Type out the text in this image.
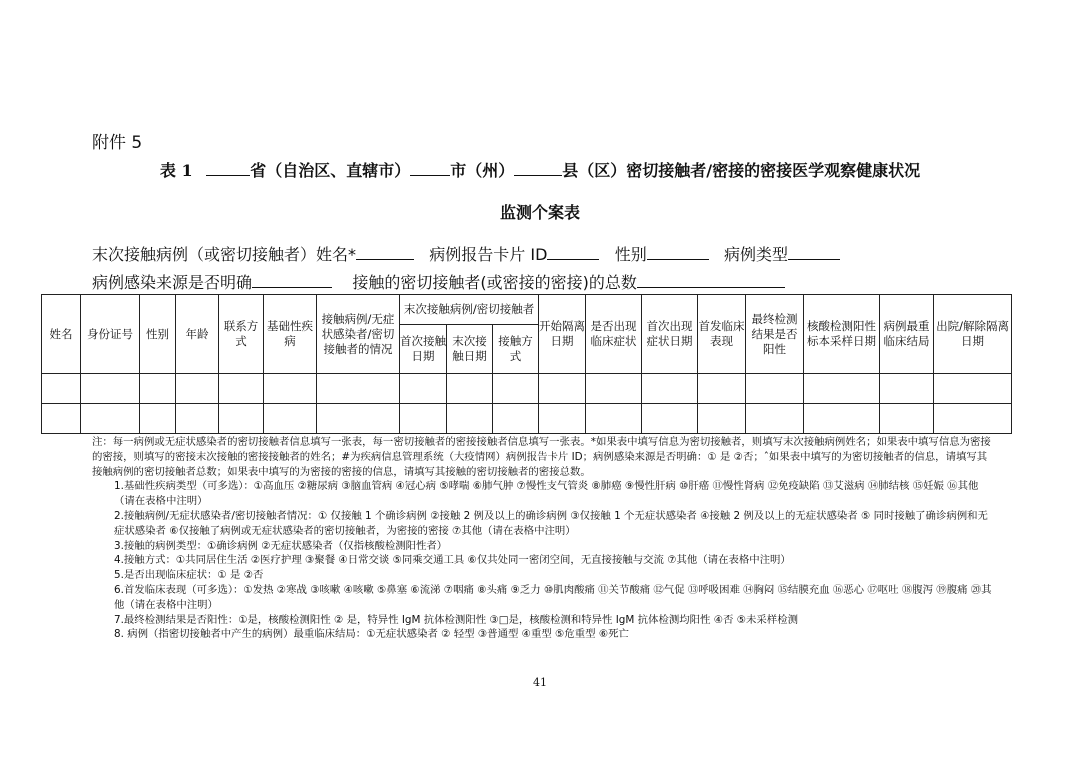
附件 5
表 1	省（自治区、直辖市）	市（州）	县（区）密切接触者/密接的密接医学观察健康状况
监测个案表
末次接触病例（或密切接触者）姓名*	病例报告卡片 ID	性别	病例类型
病例感染来源是否明确	接触的密切接触者(或密接的密接)的总数
姓名	身份证号	性别	年龄	联系方式	基础性疾病	接触病例/无症状感染者/密切接触者的情况	末次接触病例/密切接触者			开始隔离日期	是否出现临床症状	首次出现症状日期	首发临床表现	最终检测结果是否阳性	核酸检测阳性标本采样日期	病例最重临床结局	出院/解除隔离日期
							首次接触日期	末次接触日期	接触方式								

注：每一病例或无症状感染者的密切接触者信息填写一张表，每一密切接触者的密接接触者信息填写一张表。*如果表中填写信息为密切接触者，则填写末次接触病例姓名；如果表中填写信息为密接的密接，则填写的密接末次接触的密接接触者的姓名；#为疾病信息管理系统（大疫情网）病例报告卡片 ID；病例感染来源是否明确：① 是 ②否；ˆ如果表中填写的为密切接触者的信息，请填写其接触病例的密切接触者总数；如果表中填写的为密接的密接的信息，请填写其接触的密切接触者的密接总数。

1.基础性疾病类型（可多选）：①高血压 ②糖尿病 ③脑血管病 ④冠心病 ⑤哮喘 ⑥肺气肿 ⑦慢性支气管炎 ⑧肺癌 ⑨慢性肝病 ⑩肝癌 ⑪慢性肾病 ⑫免疫缺陷 ⑬艾滋病 ⑭肺结核 ⑮妊娠 ⑯其他（请在表格中注明）

2.接触病例/无症状感染者/密切接触者情况：① 仅接触 1 个确诊病例 ②接触 2 例及以上的确诊病例 ③仅接触 1 个无症状感染者 ④接触 2 例及以上的无症状感染者 ⑤ 同时接触了确诊病例和无症状感染者 ⑥仅接触了病例或无症状感染者的密切接触者，为密接的密接 ⑦其他（请在表格中注明）

3.接触的病例类型：①确诊病例 ②无症状感染者（仅指核酸检测阳性者）

4.接触方式：①共同居住生活 ②医疗护理 ③聚餐 ④日常交谈 ⑤同乘交通工具 ⑥仅共处同一密闭空间，无直接接触与交流 ⑦其他（请在表格中注明）

5.是否出现临床症状：① 是 ②否

6.首发临床表现（可多选）：①发热 ②寒战 ③咳嗽 ④咳嗽 ⑤鼻塞 ⑥流涕 ⑦咽痛 ⑧头痛 ⑨乏力 ⑩肌肉酸痛 ⑪关节酸痛 ⑫气促 ⑬呼吸困难 ⑭胸闷 ⑮结膜充血 ⑯恶心 ⑰呕吐 ⑱腹泻 ⑲腹痛 ⑳其他（请在表格中注明）

7.最终检测结果是否阳性：①是，核酸检测阳性 ② 是，特异性 IgM 抗体检测阳性 ③□是，核酸检测和特异性 IgM 抗体检测均阳性 ④否 ⑤未采样检测

8. 病例（指密切接触者中产生的病例）最重临床结局：①无症状感染者 ② 轻型 ③普通型 ④重型 ⑤危重型 ⑥死亡

41
